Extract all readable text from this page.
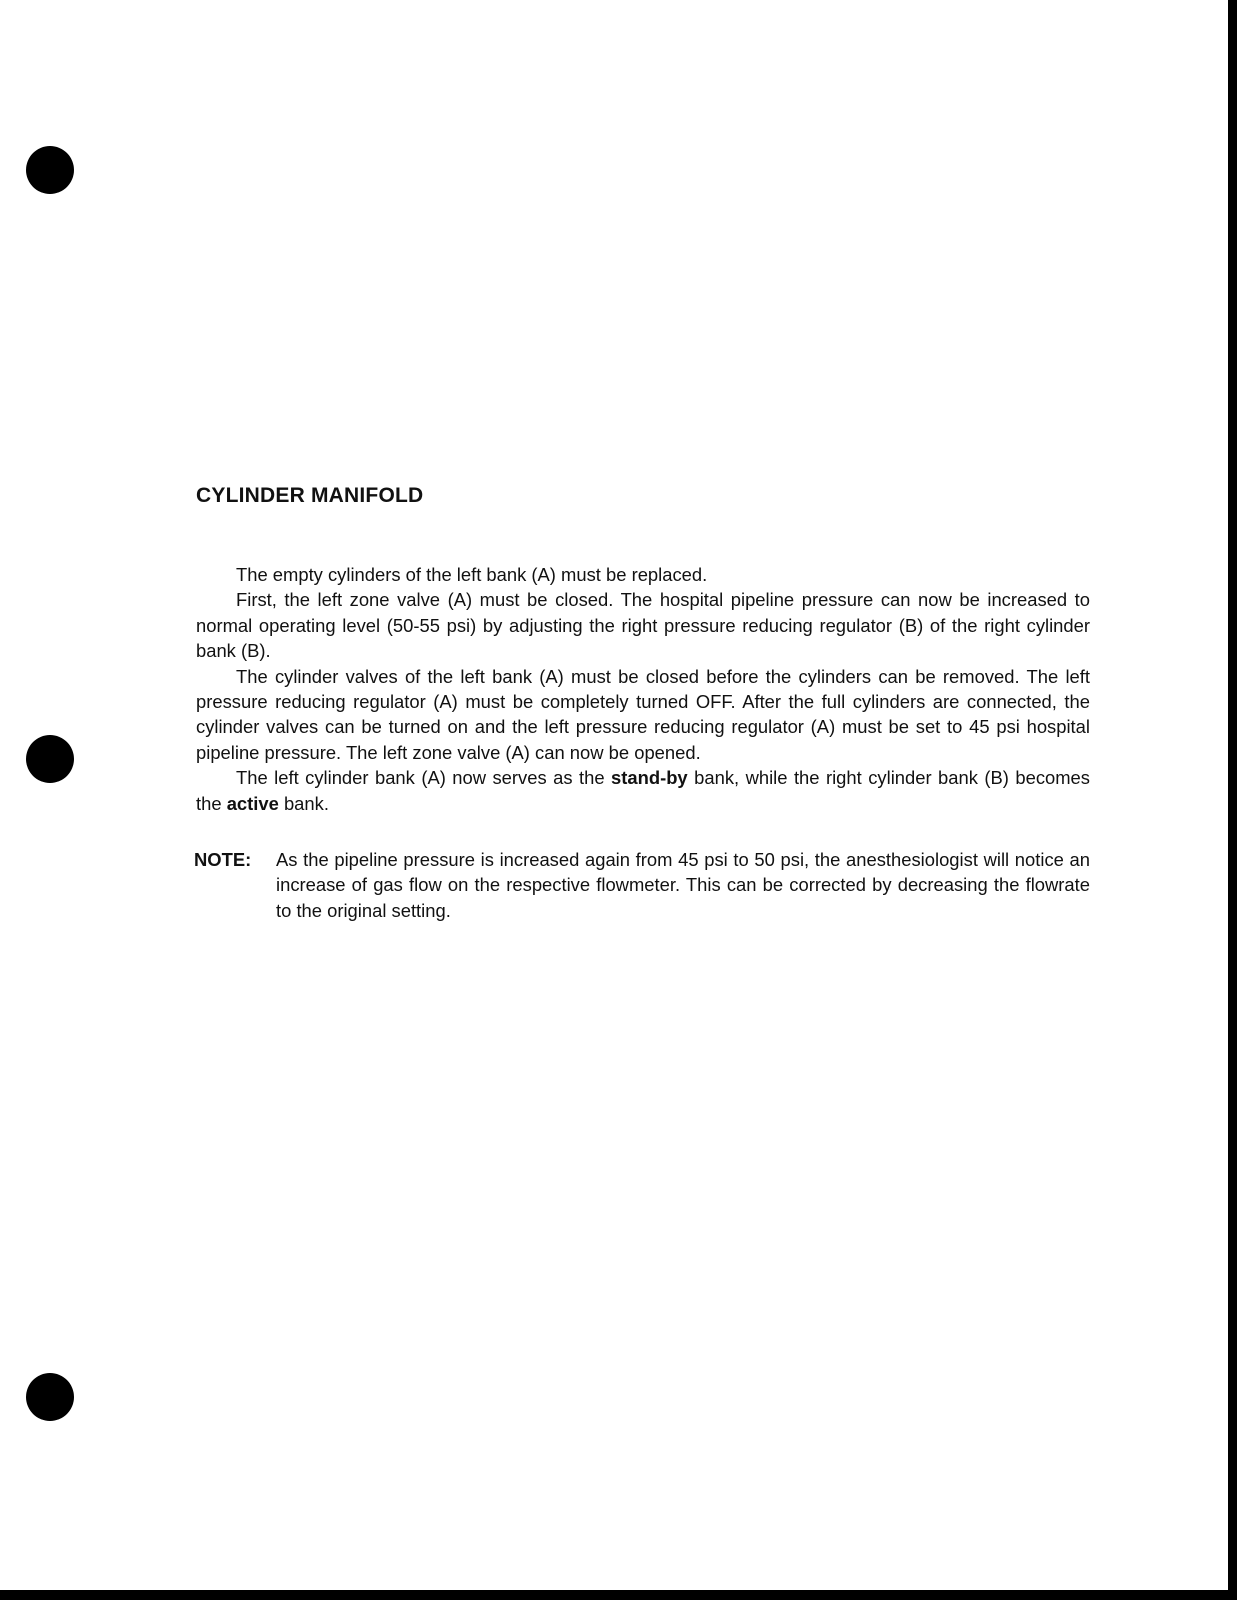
CYLINDER MANIFOLD

The empty cylinders of the left bank (A) must be replaced.

First, the left zone valve (A) must be closed. The hospital pipeline pressure can now be increased to normal operating level (50-55 psi) by adjusting the right pressure reducing regulator (B) of the right cylinder bank (B).

The cylinder valves of the left bank (A) must be closed before the cylinders can be removed. The left pressure reducing regulator (A) must be completely turned OFF. After the full cylinders are connected, the cylinder valves can be turned on and the left pressure reducing regulator (A) must be set to 45 psi hospital pipeline pressure. The left zone valve (A) can now be opened.

The left cylinder bank (A) now serves as the stand-by bank, while the right cylinder bank (B) becomes the active bank.

NOTE:	As the pipeline pressure is increased again from 45 psi to 50 psi, the anesthesiologist will notice an increase of gas flow on the respective flowmeter. This can be corrected by decreasing the flowrate to the original setting.
